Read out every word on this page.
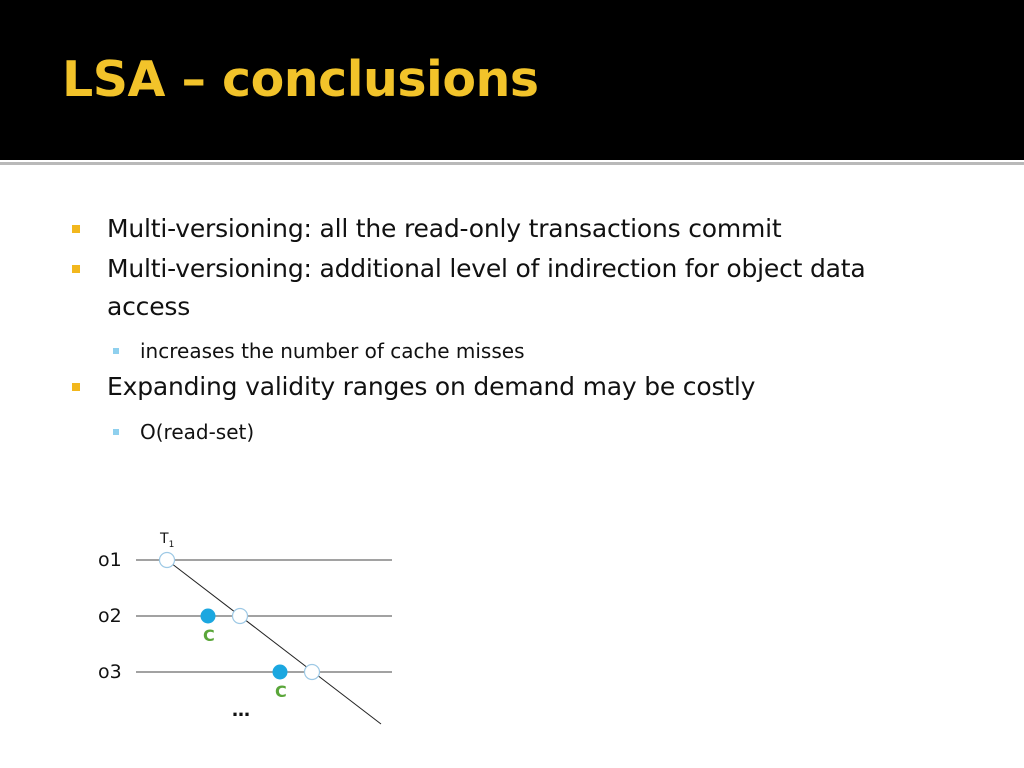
LSA – conclusions
Multi-versioning: all the read-only transactions commit
Multi-versioning: additional level of indirection for object data
access
increases the number of cache misses
Expanding validity ranges on demand may be costly
O(read-set)
o1
o2
o3
$T_1$
C
C
…
